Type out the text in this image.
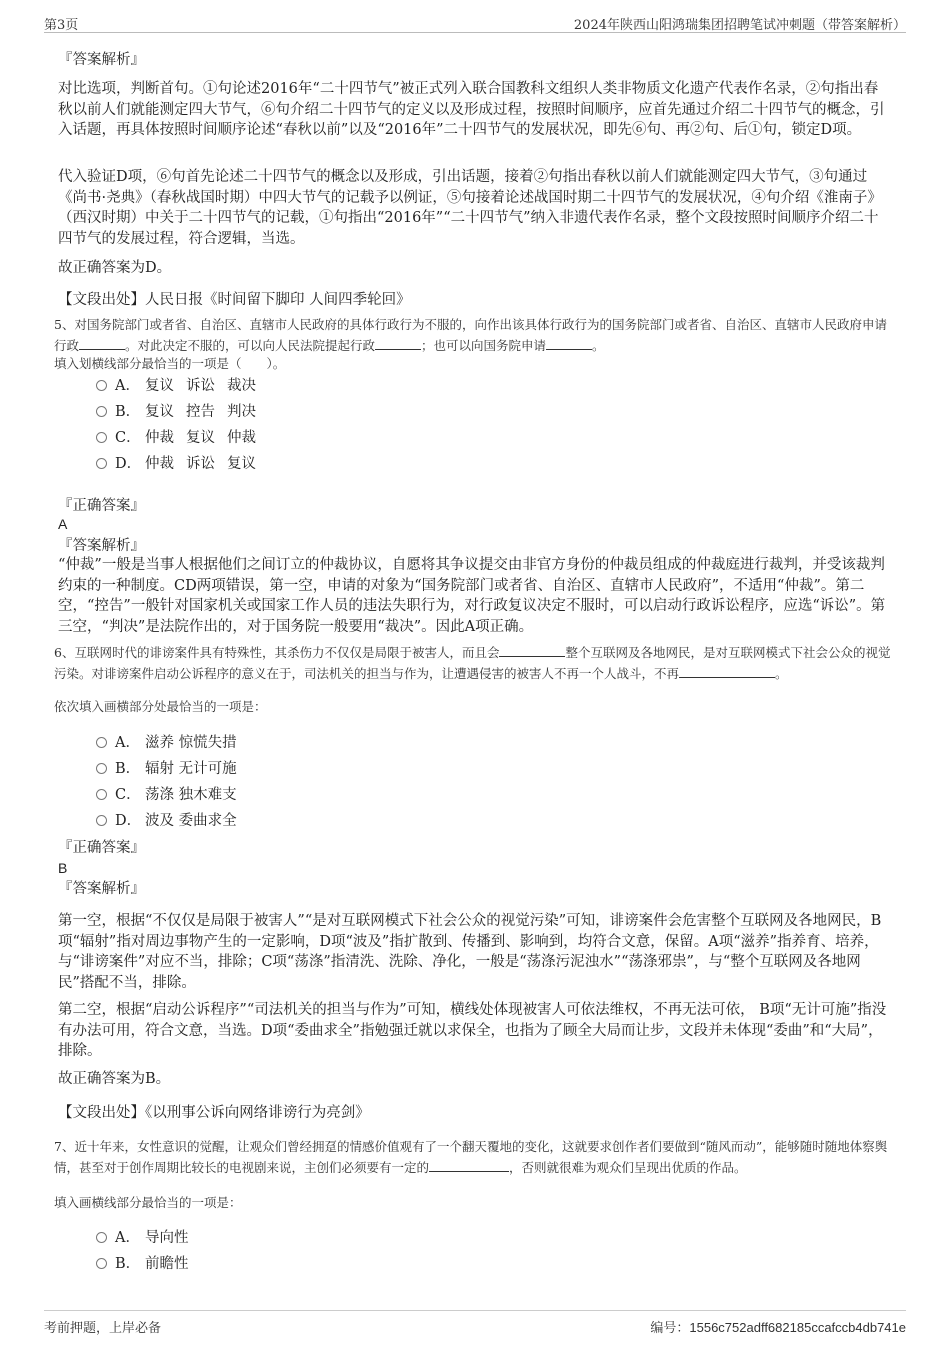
第3页	2024年陕西山阳鸿瑞集团招聘笔试冲刺题（带答案解析）
『答案解析』
对比选项，判断首句。①句论述2016年“二十四节气”被正式列入联合国教科文组织人类非物质文化遗产代表作名录，②句指出春秋以前人们就能测定四大节气，⑥句介绍二十四节气的定义以及形成过程，按照时间顺序，应首先通过介绍二十四节气的概念，引入话题，再具体按照时间顺序论述“春秋以前”以及“2016年”二十四节气的发展状况，即先⑥句、再②句、后①句，锁定D项。
代入验证D项，⑥句首先论述二十四节气的概念以及形成，引出话题，接着②句指出春秋以前人们就能测定四大节气，③句通过《尚书·尧典》（春秋战国时期）中四大节气的记载予以例证，⑤句接着论述战国时期二十四节气的发展状况，④句介绍《淮南子》（西汉时期）中关于二十四节气的记载，①句指出“2016年”“二十四节气”纳入非遗代表作名录，整个文段按照时间顺序介绍二十四节气的发展过程，符合逻辑，当选。
故正确答案为D。
【文段出处】人民日报《时间留下脚印 人间四季轮回》
5、对国务院部门或者省、自治区、直辖市人民政府的具体行政行为不服的，向作出该具体行政行为的国务院部门或者省、自治区、直辖市人民政府申请行政	。对此决定不服的，可以向人民法院提起行政	；也可以向国务院申请	。
填入划横线部分最恰当的一项是（　　）。
A． 复议 诉讼 裁决
B． 复议 控告 判决
C． 仲裁 复议 仲裁
D． 仲裁 诉讼 复议
『正确答案』
A
『答案解析』
“仲裁”一般是当事人根据他们之间订立的仲裁协议，自愿将其争议提交由非官方身份的仲裁员组成的仲裁庭进行裁判，并受该裁判约束的一种制度。CD两项错误，第一空，申请的对象为“国务院部门或者省、自治区、直辖市人民政府”，不适用“仲裁”。第二空，“控告”一般针对国家机关或国家工作人员的违法失职行为，对行政复议决定不服时，可以启动行政诉讼程序，应选“诉讼”。第三空，“判决”是法院作出的，对于国务院一般要用“裁决”。因此A项正确。
6、互联网时代的诽谤案件具有特殊性，其杀伤力不仅仅是局限于被害人，而且会	整个互联网及各地网民，是对互联网模式下社会公众的视觉污染。对诽谤案件启动公诉程序的意义在于，司法机关的担当与作为，让遭遇侵害的被害人不再一个人战斗，不再	。
依次填入画横部分处最恰当的一项是：
A． 滋养 惊慌失措
B． 辐射 无计可施
C． 荡涤 独木难支
D． 波及 委曲求全
『正确答案』
B
『答案解析』
第一空，根据“不仅仅是局限于被害人”“是对互联网模式下社会公众的视觉污染”可知，诽谤案件会危害整个互联网及各地网民，B项“辐射”指对周边事物产生的一定影响，D项“波及”指扩散到、传播到、影响到，均符合文意，保留。A项“滋养”指养育、培养，与“诽谤案件”对应不当，排除；C项“荡涤”指清洗、洗除、净化，一般是“荡涤污泥浊水”“荡涤邪祟”，与“整个互联网及各地网民”搭配不当，排除。
第二空，根据“启动公诉程序”“司法机关的担当与作为”可知，横线处体现被害人可依法维权，不再无法可依， B项“无计可施”指没有办法可用，符合文意，当选。D项“委曲求全”指勉强迁就以求保全，也指为了顾全大局而让步，文段并未体现“委曲”和“大局”，排除。
故正确答案为B。
【文段出处】《以刑事公诉向网络诽谤行为亮剑》
7、近十年来，女性意识的觉醒，让观众们曾经拥趸的情感价值观有了一个翻天覆地的变化，这就要求创作者们要做到“随风而动”，能够随时随地体察舆情，甚至对于创作周期比较长的电视剧来说，主创们必须要有一定的	，否则就很难为观众们呈现出优质的作品。
填入画横线部分最恰当的一项是：
A． 导向性
B． 前瞻性
考前押题，上岸必备	编号：1556c752adff682185ccafccb4db741e
